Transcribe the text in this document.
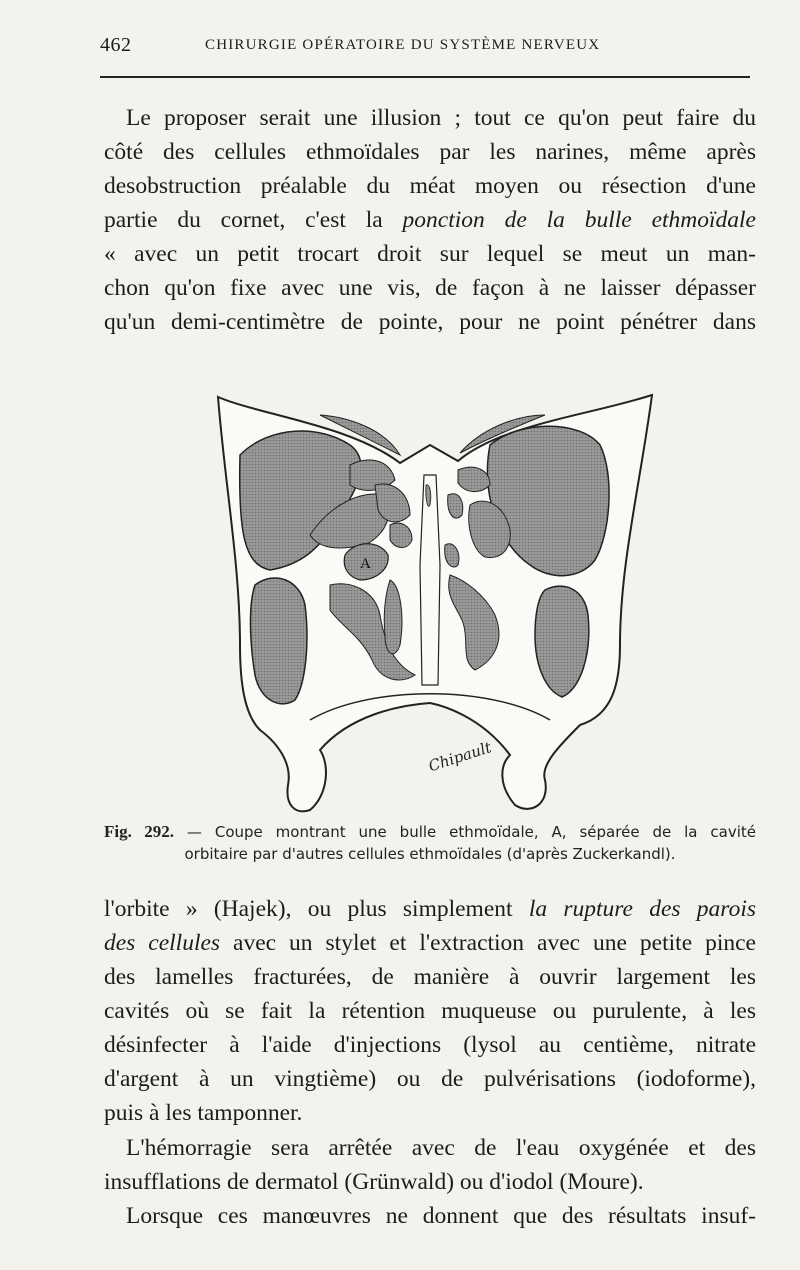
462	CHIRURGIE OPÉRATOIRE DU SYSTÈME NERVEUX

Le proposer serait une illusion ; tout ce qu'on peut faire du
côté des cellules ethmoïdales par les narines, même après
desobstruction préalable du méat moyen ou résection d'une
partie du cornet, c'est la ponction de la bulle ethmoïdale
« avec un petit trocart droit sur lequel se meut un man-
chon qu'on fixe avec une vis, de façon à ne laisser dépasser
qu'un demi-centimètre de pointe, pour ne point pénétrer dans

A
Chipault
Fig. 292. — Coupe montrant une bulle ethmoïdale, A, séparée de la cavité
orbitaire par d'autres cellules ethmoïdales (d'après Zuckerkandl).

l'orbite » (Hajek), ou plus simplement la rupture des parois
des cellules avec un stylet et l'extraction avec une petite pince
des lamelles fracturées, de manière à ouvrir largement les
cavités où se fait la rétention muqueuse ou purulente, à les
désinfecter à l'aide d'injections (lysol au centième, nitrate
d'argent à un vingtième) ou de pulvérisations (iodoforme),
puis à les tamponner.

L'hémorragie sera arrêtée avec de l'eau oxygénée et des
insufflations de dermatol (Grünwald) ou d'iodol (Moure).

Lorsque ces manœuvres ne donnent que des résultats insuf-
